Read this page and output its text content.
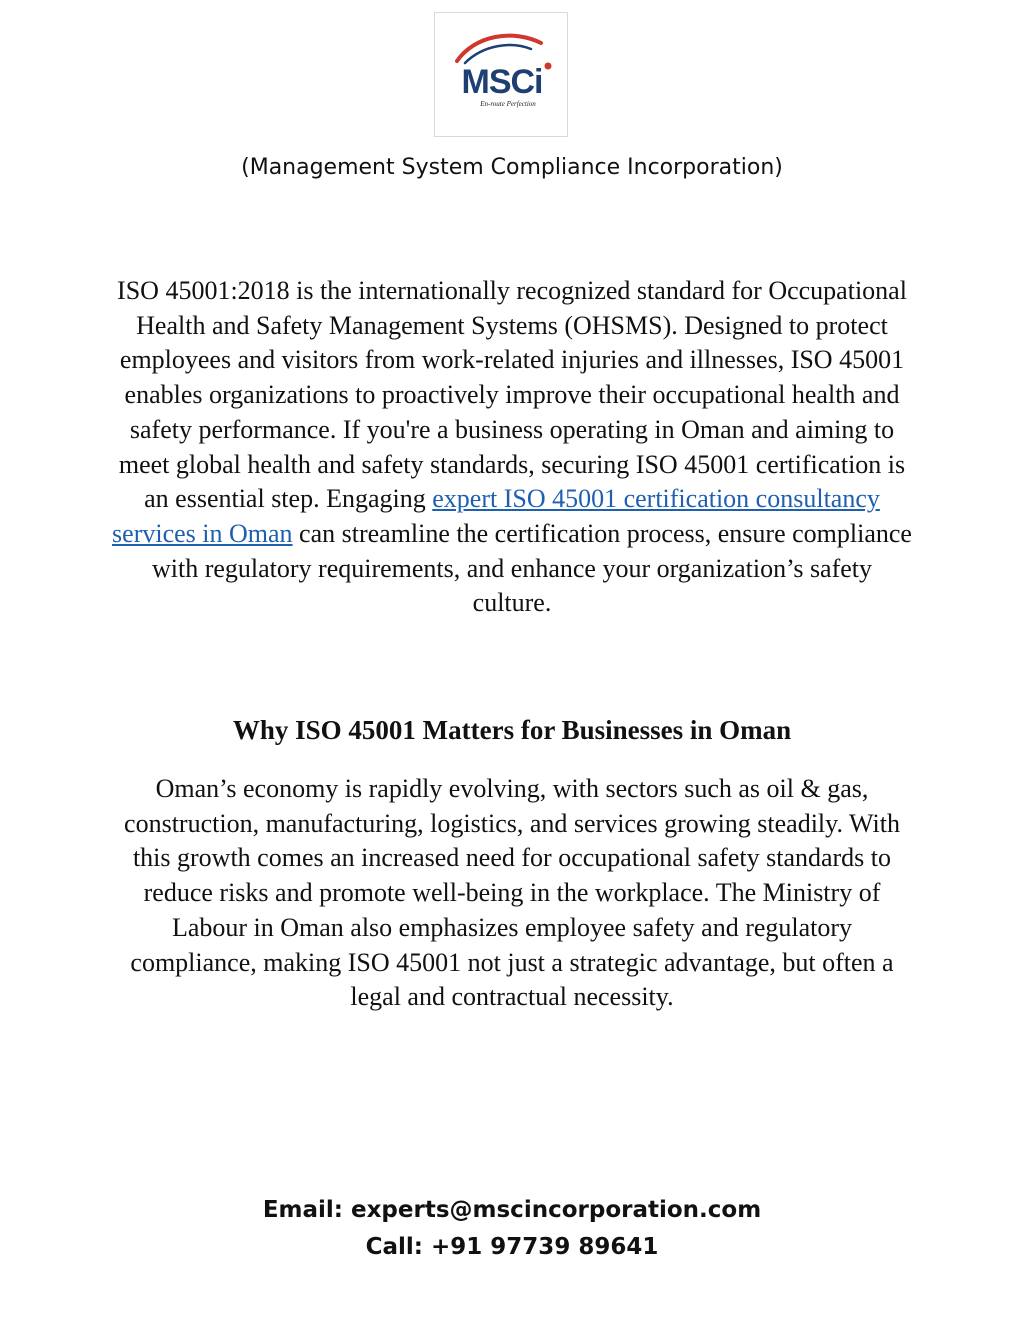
MSCi
En-route Perfection

(Management System Compliance Incorporation)

ISO 45001:2018 is the internationally recognized standard for Occupational Health and Safety Management Systems (OHSMS). Designed to protect employees and visitors from work-related injuries and illnesses, ISO 45001 enables organizations to proactively improve their occupational health and safety performance. If you're a business operating in Oman and aiming to meet global health and safety standards, securing ISO 45001 certification is an essential step. Engaging expert ISO 45001 certification consultancy services in Oman can streamline the certification process, ensure compliance with regulatory requirements, and enhance your organization’s safety culture.

Why ISO 45001 Matters for Businesses in Oman

Oman’s economy is rapidly evolving, with sectors such as oil & gas, construction, manufacturing, logistics, and services growing steadily. With this growth comes an increased need for occupational safety standards to reduce risks and promote well-being in the workplace. The Ministry of Labour in Oman also emphasizes employee safety and regulatory compliance, making ISO 45001 not just a strategic advantage, but often a legal and contractual necessity.

Email: experts@mscincorporation.com

Call: +91 97739 89641
